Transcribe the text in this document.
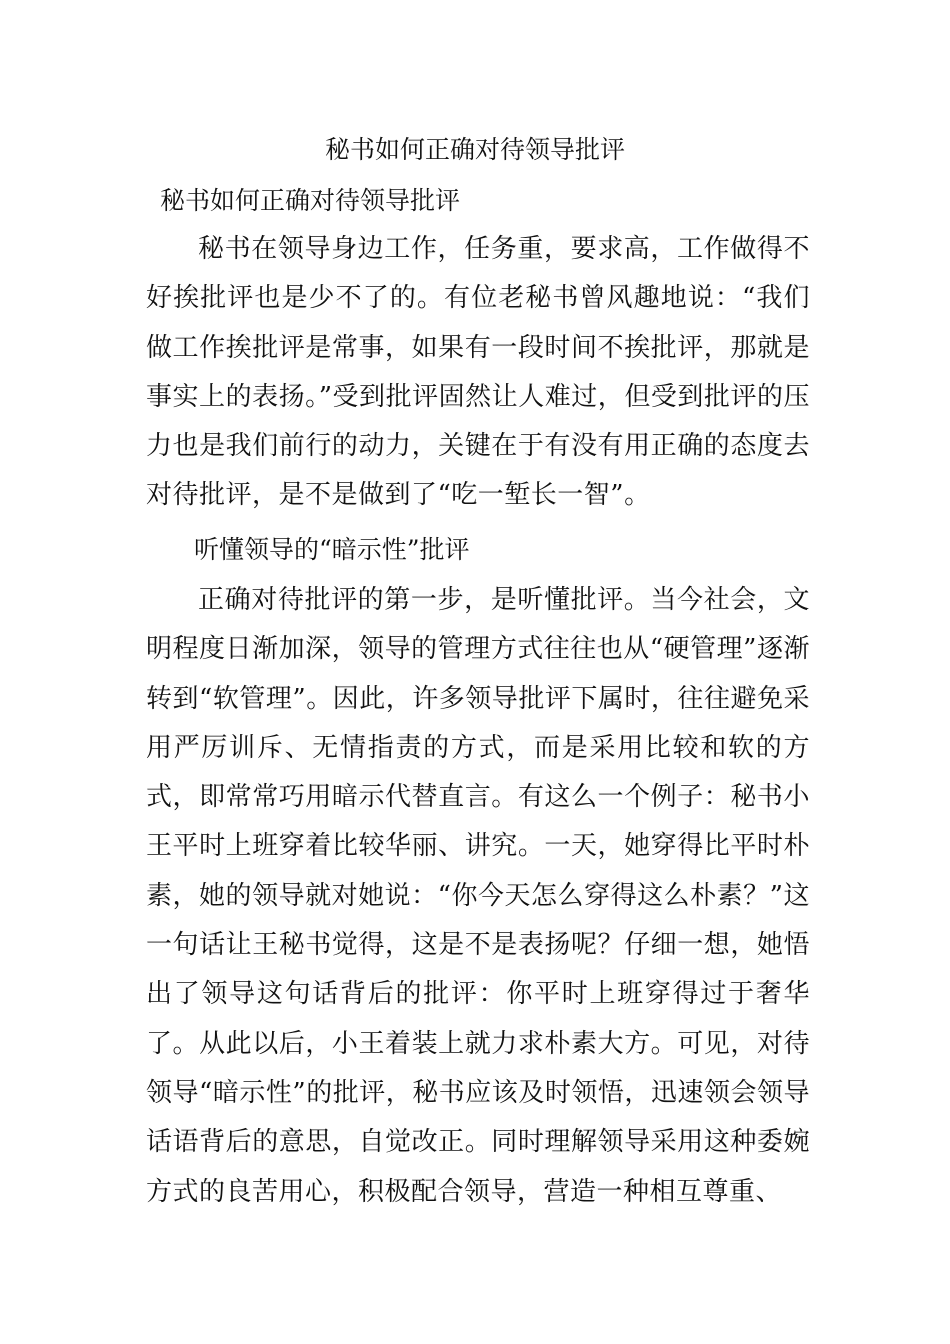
秘书如何正确对待领导批评
秘书如何正确对待领导批评

秘书在领导身边工作，任务重，要求高，工作做得不好挨批评也是少不了的。有位老秘书曾风趣地说：“我们做工作挨批评是常事，如果有一段时间不挨批评，那就是事实上的表扬。”受到批评固然让人难过，但受到批评的压力也是我们前行的动力，关键在于有没有用正确的态度去对待批评，是不是做到了“吃一堑长一智”。

听懂领导的“暗示性”批评

正确对待批评的第一步，是听懂批评。当今社会，文明程度日渐加深，领导的管理方式往往也从“硬管理”逐渐转到“软管理”。因此，许多领导批评下属时，往往避免采用严厉训斥、无情指责的方式，而是采用比较和软的方式，即常常巧用暗示代替直言。有这么一个例子：秘书小王平时上班穿着比较华丽、讲究。一天，她穿得比平时朴素，她的领导就对她说：“你今天怎么穿得这么朴素？”这一句话让王秘书觉得，这是不是表扬呢？仔细一想，她悟出了领导这句话背后的批评：你平时上班穿得过于奢华了。从此以后，小王着装上就力求朴素大方。可见，对待领导“暗示性”的批评，秘书应该及时领悟，迅速领会领导话语背后的意思，自觉改正。同时理解领导采用这种委婉方式的良苦用心，积极配合领导，营造一种相互尊重、
